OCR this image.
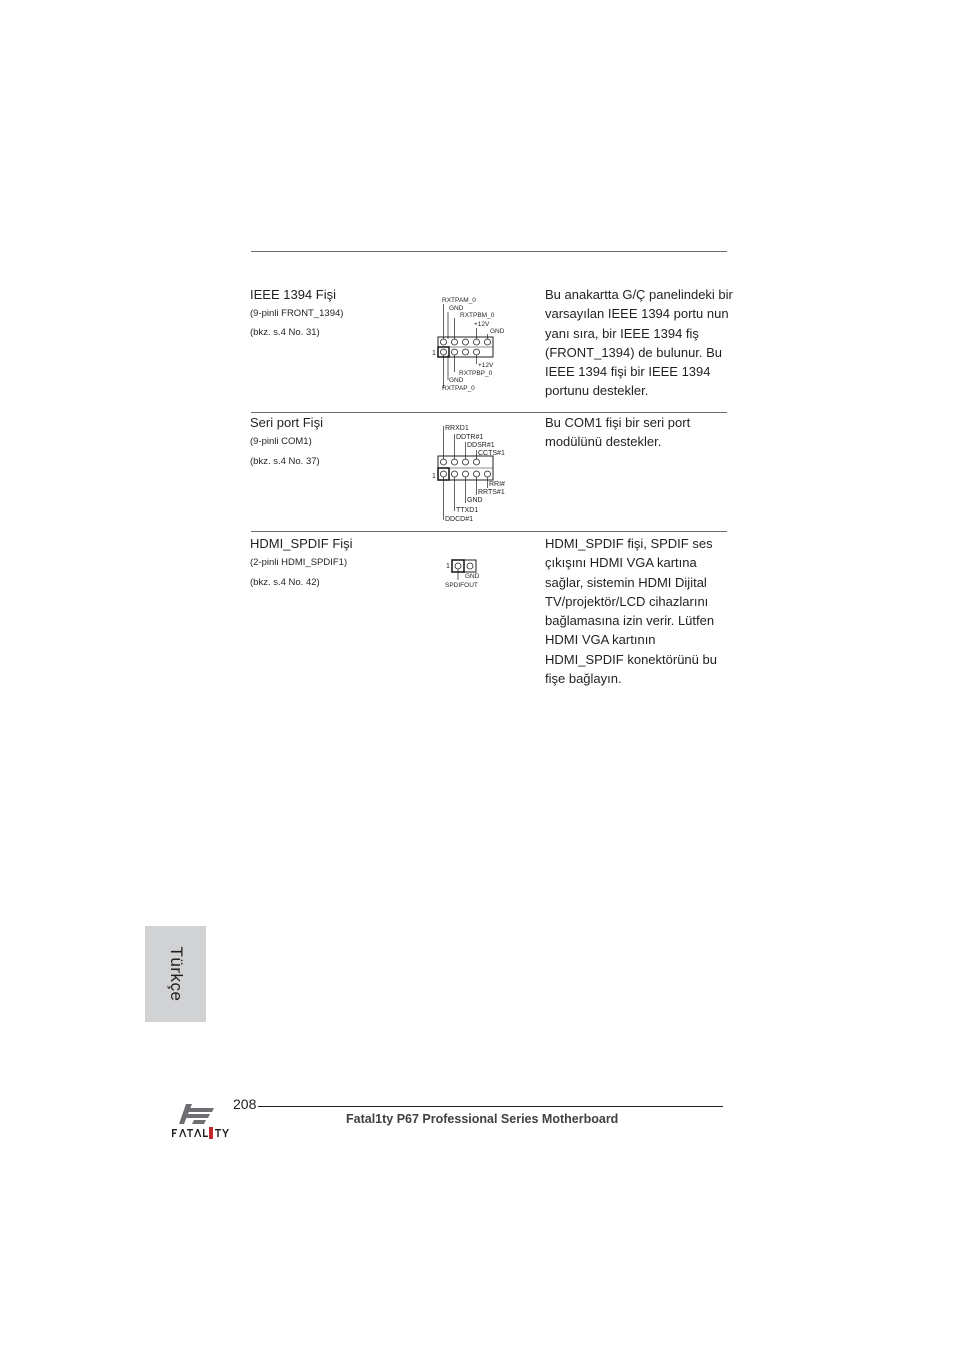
IEEE 1394 Fişi
(9-pinli FRONT_1394)
(bkz. s.4 No. 31)
Bu anakartta G/Ç panelindeki bir varsayılan IEEE 1394 portu nun yanı sıra, bir IEEE 1394 fiş (FRONT_1394) de bulunur. Bu IEEE 1394 fişi bir IEEE 1394 portunu destekler.
RXTPAM_0
GND
RXTPBM_0
+12V
GND
+12V
RXTPBP_0
GND
RXTPAP_0
1
Seri port Fişi
(9-pinli COM1)
(bkz. s.4 No. 37)
Bu COM1 fişi bir seri port modülünü destekler.
RRXD1
DDTR#1
DDSR#1
CCTS#1
RRI#
RRTS#1
GND
TTXD1
DDCD#1
1
HDMI_SPDIF Fişi
(2-pinli HDMI_SPDIF1)
(bkz. s.4 No. 42)
HDMI_SPDIF fişi, SPDIF ses çıkışını HDMI VGA kartına sağlar, sistemin HDMI Dijital TV/projektör/LCD cihazlarını bağlamasına izin verir. Lütfen HDMI VGA kartının HDMI_SPDIF konektörünü bu fişe bağlayın.
GND
SPDIFOUT
1
Türkçe
208
Fatal1ty P67 Professional Series Motherboard
